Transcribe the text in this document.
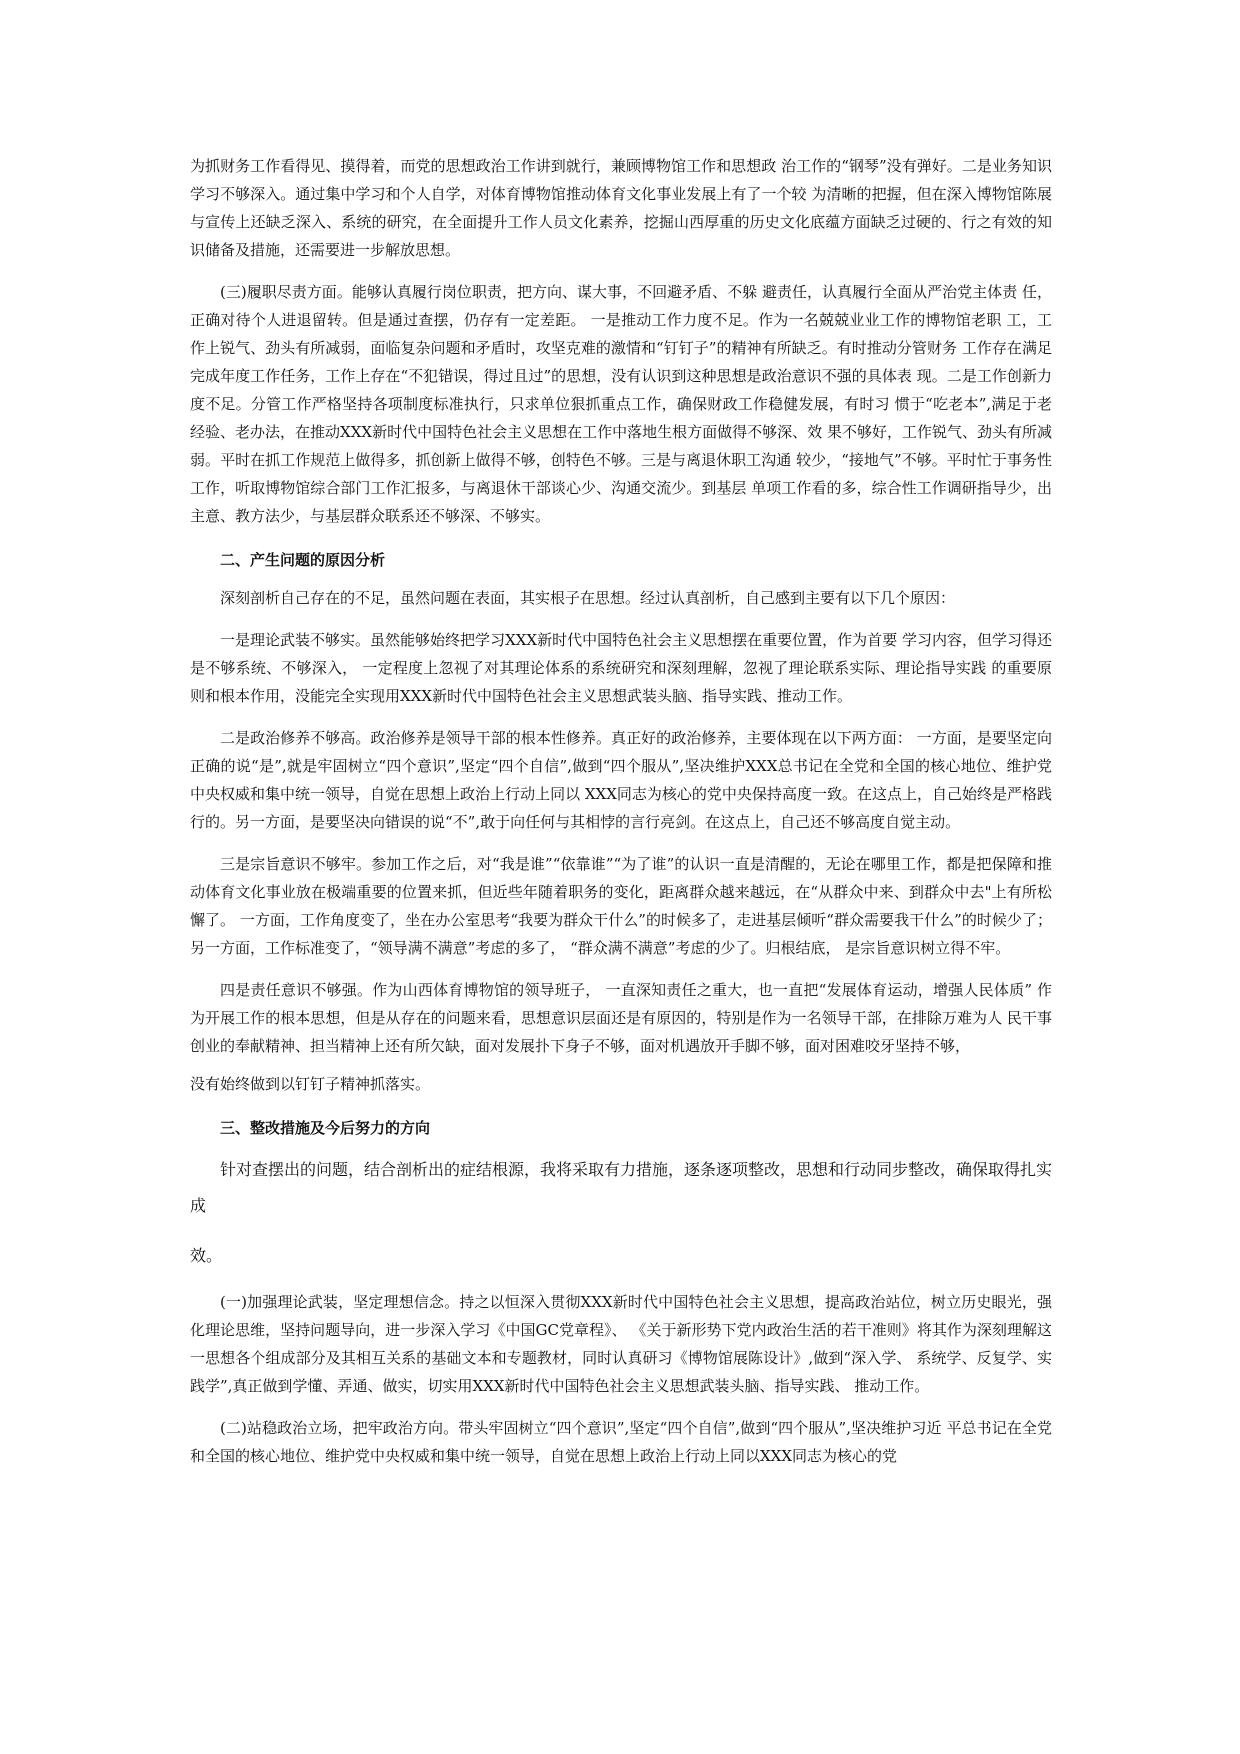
为抓财务工作看得见、摸得着，而党的思想政治工作讲到就行，兼顾博物馆工作和思想政 治工作的“钢琴”没有弹好。二是业务知识学习不够深入。通过集中学习和个人自学，对体育博物馆推动体育文化事业发展上有了一个较 为清晰的把握，但在深入博物馆陈展与宣传上还缺乏深入、系统的研究，在全面提升工作人员文化素养，挖掘山西厚重的历史文化底蕴方面缺乏过硬的、行之有效的知识储备及措施，还需要进一步解放思想。

(三)履职尽责方面。能够认真履行岗位职责，把方向、谋大事，不回避矛盾、不躲 避责任，认真履行全面从严治党主体责 任，正确对待个人进退留转。但是通过查摆，仍存有一定差距。 一是推动工作力度不足。作为一名兢兢业业工作的博物馆老职 工，工作上锐气、劲头有所减弱，面临复杂问题和矛盾时，攻坚克难的激情和“钉钉子”的精神有所缺乏。有时推动分管财务 工作存在满足完成年度工作任务，工作上存在“不犯错误，得过且过”的思想，没有认识到这种思想是政治意识不强的具体表 现。二是工作创新力度不足。分管工作严格坚持各项制度标准执行，只求单位狠抓重点工作，确保财政工作稳健发展，有时习 惯于“吃老本”,满足于老经验、老办法，在推动XXX新时代中国特色社会主义思想在工作中落地生根方面做得不够深、效 果不够好，工作锐气、劲头有所减弱。平时在抓工作规范上做得多，抓创新上做得不够，创特色不够。三是与离退休职工沟通 较少，“接地气”不够。平时忙于事务性工作，听取博物馆综合部门工作汇报多，与离退休干部谈心少、沟通交流少。到基层 单项工作看的多，综合性工作调研指导少，出主意、教方法少，与基层群众联系还不够深、不够实。

二、产生问题的原因分析

深刻剖析自己存在的不足，虽然问题在表面，其实根子在思想。经过认真剖析，自己感到主要有以下几个原因：

一是理论武装不够实。虽然能够始终把学习XXX新时代中国特色社会主义思想摆在重要位置，作为首要 学习内容，但学习得还是不够系统、不够深入， 一定程度上忽视了对其理论体系的系统研究和深刻理解，忽视了理论联系实际、理论指导实践 的重要原则和根本作用，没能完全实现用XXX新时代中国特色社会主义思想武装头脑、指导实践、推动工作。

二是政治修养不够高。政治修养是领导干部的根本性修养。真正好的政治修养，主要体现在以下两方面： 一方面，是要坚定向正确的说“是”,就是牢固树立“四个意识”,坚定“四个自信”,做到“四个服从”,坚决维护XXX总书记在全党和全国的核心地位、维护党中央权威和集中统一领导，自觉在思想上政治上行动上同以 XXX同志为核心的党中央保持高度一致。在这点上，自己始终是严格践行的。另一方面，是要坚决向错误的说“不”,敢于向任何与其相悖的言行亮剑。在这点上，自己还不够高度自觉主动。

三是宗旨意识不够牢。参加工作之后，对“我是谁”“依靠谁”“为了谁”的认识一直是清醒的，无论在哪里工作，都是把保障和推动体育文化事业放在极端重要的位置来抓，但近些年随着职务的变化，距离群众越来越远，在“从群众中来、到群众中去"上有所松懈了。 一方面，工作角度变了，坐在办公室思考“我要为群众干什么”的时候多了，走进基层倾听“群众需要我干什么”的时候少了；另一方面，工作标准变了，“领导满不满意”考虑的多了， “群众满不满意”考虑的少了。归根结底， 是宗旨意识树立得不牢。

四是责任意识不够强。作为山西体育博物馆的领导班子， 一直深知责任之重大，也一直把“发展体育运动，增强人民体质” 作为开展工作的根本思想，但是从存在的问题来看，思想意识层面还是有原因的，特别是作为一名领导干部，在排除万难为人 民干事创业的奉献精神、担当精神上还有所欠缺，面对发展扑下身子不够，面对机遇放开手脚不够，面对困难咬牙坚持不够，

没有始终做到以钉钉子精神抓落实。

三、整改措施及今后努力的方向

针对查摆出的问题，结合剖析出的症结根源，我将采取有力措施，逐条逐项整改，思想和行动同步整改，确保取得扎实成

效。

(一)加强理论武装，坚定理想信念。持之以恒深入贯彻XXX新时代中国特色社会主义思想，提高政治站位，树立历史眼光，强化理论思维，坚持问题导向，进一步深入学习《中国GC党章程》、 《关于新形势下党内政治生活的若干准则》将其作为深刻理解这一思想各个组成部分及其相互关系的基础文本和专题教材，同时认真研习《博物馆展陈设计》,做到“深入学、 系统学、反复学、实践学”,真正做到学懂、弄通、做实，切实用XXX新时代中国特色社会主义思想武装头脑、指导实践、 推动工作。

(二)站稳政治立场，把牢政治方向。带头牢固树立“四个意识”,坚定“四个自信”,做到“四个服从”,坚决维护习近 平总书记在全党和全国的核心地位、维护党中央权威和集中统一领导，自觉在思想上政治上行动上同以XXX同志为核心的党
